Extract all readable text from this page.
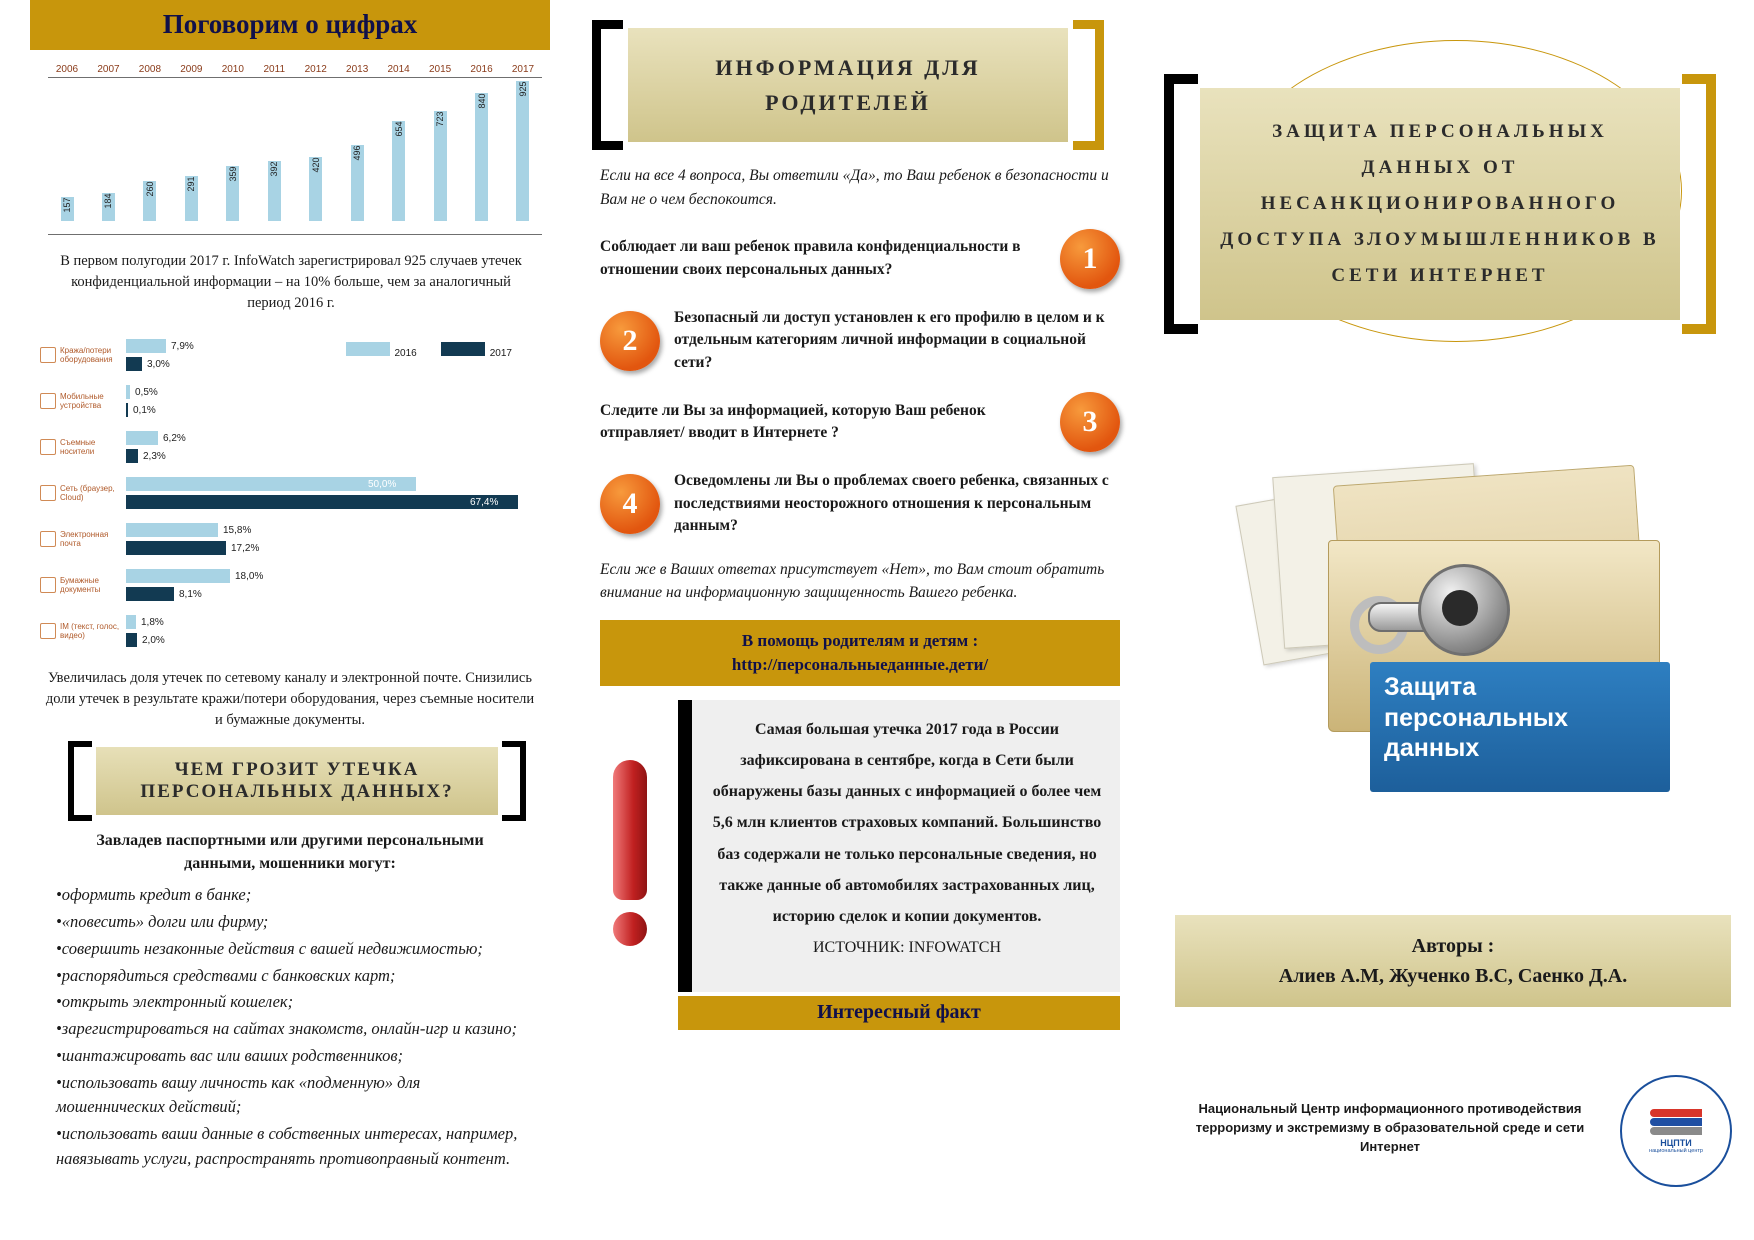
Поговорим о цифрах
2006	2007	2008	2009	2010	2011	2012	2013	2014	2015	2016	2017
157	184
260	291
359	392	420
496
654
723
840
925
В первом полугодии 2017 г. InfoWatch зарегистрировал 925 случаев утечек конфиденциальной информации – на 10% больше, чем за аналогичный период 2016 г.
2016	2017
Кража/потери оборудования
7,9%
3,0%
Мобильные устройства
0,5%
0,1%
Съемные носители
6,2%
2,3%
Сеть (браузер, Cloud)
50,0%
67,4%
Электронная почта
15,8%
17,2%
Бумажные документы
18,0%
8,1%
IM (текст, голос, видео)
1,8%
2,0%
Увеличилась доля утечек по сетевому каналу и электронной почте. Снизились доли утечек в результате кражи/потери оборудования, через съемные носители и бумажные документы.
ЧЕМ ГРОЗИТ УТЕЧКА ПЕРСОНАЛЬНЫХ ДАННЫХ?
Завладев паспортными или другими персональными данными, мошенники могут:

•оформить кредит в банке;

•«повесить» долги или фирму;

•совершить незаконные действия с вашей недвижимостью;

•распорядиться средствами с банковских карт;

•открыть электронный кошелек;

•зарегистрироваться на сайтах знакомств, онлайн-игр и казино;

•шантажировать вас или ваших родственников;

•использовать вашу личность как «подменную» для мошеннических действий;

•использовать ваши данные в собственных интересах, например, навязывать услуги, распространять противоправный контент.

ИНФОРМАЦИЯ ДЛЯ РОДИТЕЛЕЙ
Если на все 4 вопроса, Вы ответили «Да», то Ваш ребенок в безопасности и Вам не о чем беспокоится.
Соблюдает ли ваш ребенок правила конфиденциальности в отношении своих персональных данных?	1
Безопасный ли доступ установлен к его профилю в целом и к отдельным категориям личной информации в социальной сети?
2
Следите ли Вы за информацией, которую Ваш ребенок отправляет/ вводит в Интернете ?	3
Осведомлены ли Вы о проблемах своего ребенка, связанных с последствиями неосторожного отношения к персональным данным?
4
Если же в Ваших ответах присутствует «Нет», то Вам стоит обратить внимание на информационную защищенность Вашего ребенка.
В помощь родителям и детям :
http://персональныеданные.дети/

Самая большая утечка 2017 года в России зафиксирована в сентябре, когда в Сети были обнаружены базы данных с информацией о более чем 5,6 млн клиентов страховых компаний. Большинство баз содержали не только персональные сведения, но также данные об автомобилях застрахованных лиц, историю сделок и копии документов.

ИСТОЧНИК: INFOWATCH

Интересный факт
ЗАЩИТА ПЕРСОНАЛЬНЫХ ДАННЫХ ОТ НЕСАНКЦИОНИРОВАННОГО ДОСТУПА ЗЛОУМЫШЛЕННИКОВ В СЕТИ ИНТЕРНЕТ
Защита персональных данных
Авторы :
Алиев А.М, Жученко В.С, Саенко Д.А.
Национальный Центр информационного противодействия терроризму и экстремизму в образовательной среде и сети Интернет	НЦПТИ
национальный центр
